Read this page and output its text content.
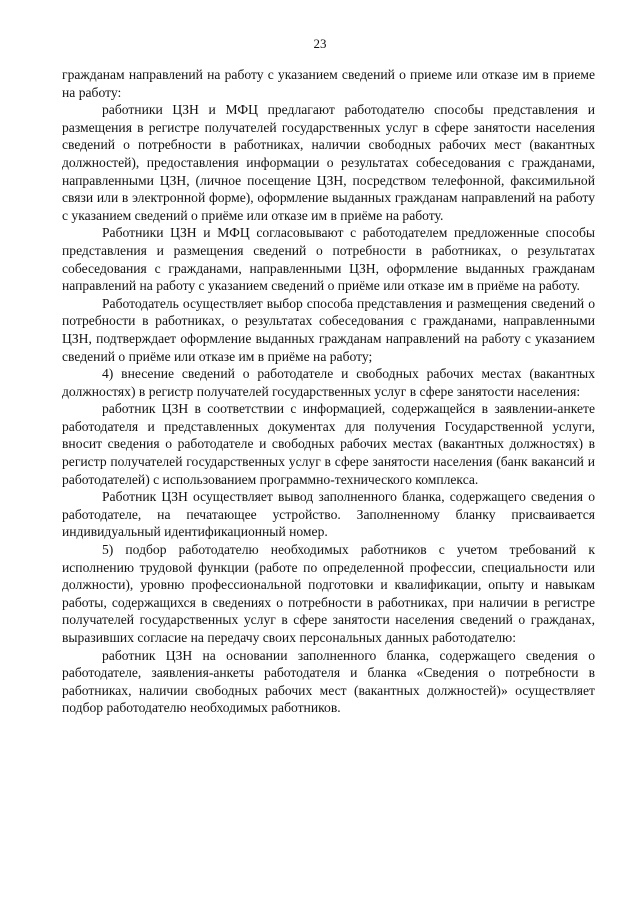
23

гражданам направлений на работу с указанием сведений о приеме или отказе им в приеме на работу:

работники ЦЗН и МФЦ предлагают работодателю способы представления и размещения в регистре получателей государственных услуг в сфере занятости населения сведений о потребности в работниках, наличии свободных рабочих мест (вакантных должностей), предоставления информации о результатах собеседования с гражданами, направленными ЦЗН, (личное посещение ЦЗН, посредством телефонной, факсимильной связи или в электронной форме), оформление выданных гражданам направлений на работу с указанием сведений о приёме или отказе им в приёме на работу.

Работники ЦЗН и МФЦ согласовывают с работодателем предложенные способы представления и размещения сведений о потребности в работниках, о результатах собеседования с гражданами, направленными ЦЗН, оформление выданных гражданам направлений на работу с указанием сведений о приёме или отказе им в приёме на работу.

Работодатель осуществляет выбор способа представления и размещения сведений о потребности в работниках, о результатах собеседования с гражданами, направленными ЦЗН, подтверждает оформление выданных гражданам направлений на работу с указанием сведений о приёме или отказе им в приёме на работу;

4) внесение сведений о работодателе и свободных рабочих местах (вакантных должностях) в регистр получателей государственных услуг в сфере занятости населения:

работник ЦЗН в соответствии с информацией, содержащейся в заявлении-анкете работодателя и представленных документах для получения Государственной услуги, вносит сведения о работодателе и свободных рабочих местах (вакантных должностях) в регистр получателей государственных услуг в сфере занятости населения (банк вакансий и работодателей) с использованием программно-технического комплекса.

Работник ЦЗН осуществляет вывод заполненного бланка, содержащего сведения о работодателе, на печатающее устройство. Заполненному бланку присваивается индивидуальный идентификационный номер.

5) подбор работодателю необходимых работников с учетом требований к исполнению трудовой функции (работе по определенной профессии, специальности или должности), уровню профессиональной подготовки и квалификации, опыту и навыкам работы, содержащихся в сведениях о потребности в работниках, при наличии в регистре получателей государственных услуг в сфере занятости населения сведений о гражданах, выразивших согласие на передачу своих персональных данных работодателю:

работник ЦЗН на основании заполненного бланка, содержащего сведения о работодателе, заявления-анкеты работодателя и бланка «Сведения о потребности в работниках, наличии свободных рабочих мест (вакантных должностей)» осуществляет подбор работодателю необходимых работников.
